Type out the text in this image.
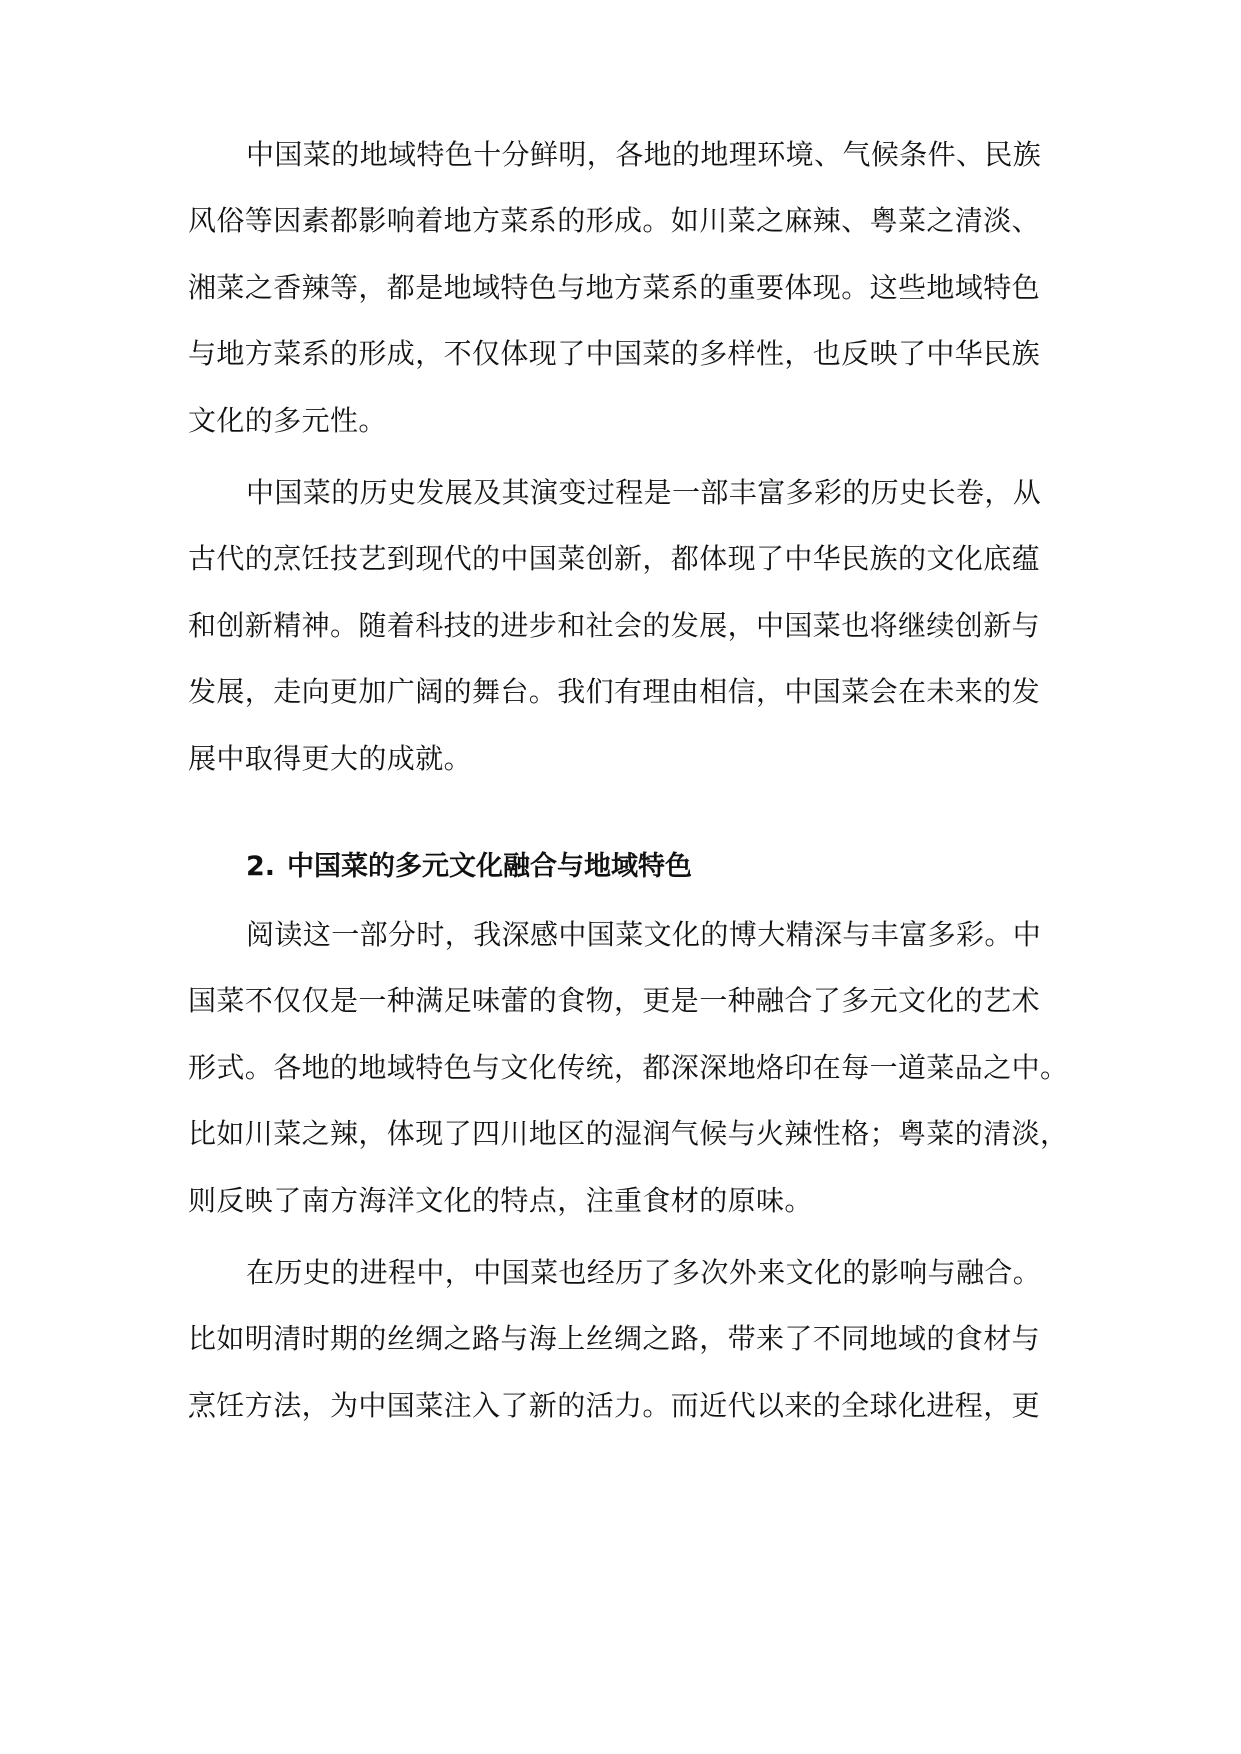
中国菜的地域特色十分鲜明，各地的地理环境、气候条件、民族
风俗等因素都影响着地方菜系的形成。如川菜之麻辣、粤菜之清淡、
湘菜之香辣等，都是地域特色与地方菜系的重要体现。这些地域特色
与地方菜系的形成，不仅体现了中国菜的多样性，也反映了中华民族
文化的多元性。
中国菜的历史发展及其演变过程是一部丰富多彩的历史长卷，从
古代的烹饪技艺到现代的中国菜创新，都体现了中华民族的文化底蕴
和创新精神。随着科技的进步和社会的发展，中国菜也将继续创新与
发展，走向更加广阔的舞台。我们有理由相信，中国菜会在未来的发
展中取得更大的成就。
2. 中国菜的多元文化融合与地域特色
阅读这一部分时，我深感中国菜文化的博大精深与丰富多彩。中
国菜不仅仅是一种满足味蕾的食物，更是一种融合了多元文化的艺术
形式。各地的地域特色与文化传统，都深深地烙印在每一道菜品之中。
比如川菜之辣，体现了四川地区的湿润气候与火辣性格；粤菜的清淡，
则反映了南方海洋文化的特点，注重食材的原味。
在历史的进程中，中国菜也经历了多次外来文化的影响与融合。
比如明清时期的丝绸之路与海上丝绸之路，带来了不同地域的食材与
烹饪方法，为中国菜注入了新的活力。而近代以来的全球化进程，更
